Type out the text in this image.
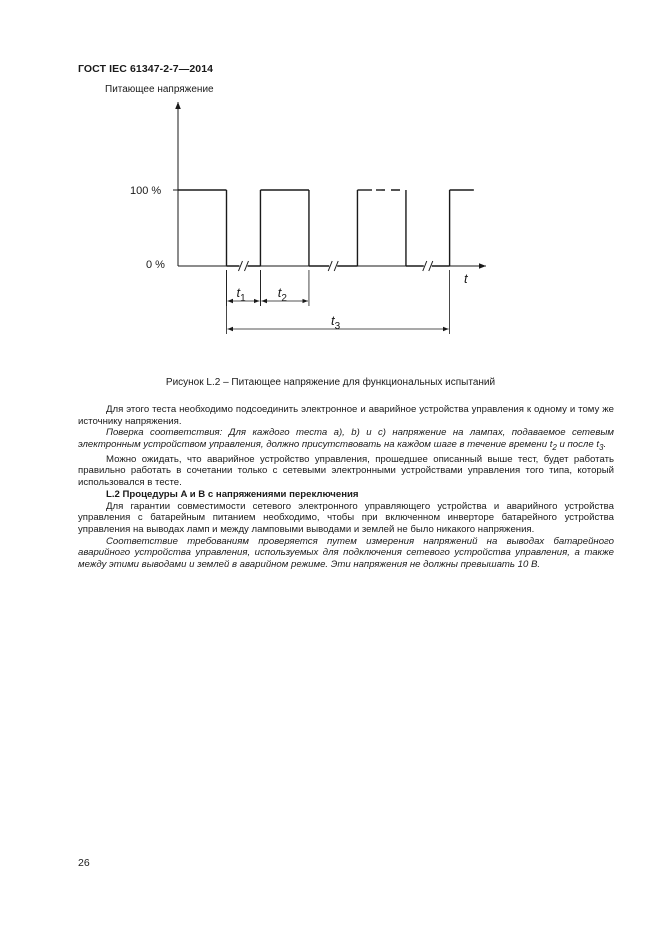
ГОСТ IEC 61347-2-7—2014
$t_1$ $t_2$
$t_3$
Питающее напряжение
t
100 %
0 %
Рисунок L.2 – Питающее напряжение для функциональных испытаний

Для этого теста необходимо подсоединить электронное и аварийное устройства управления к одному и тому же источнику напряжения.

Поверка соответствия: Для каждого теста a), b) и c) напряжение на лампах, подаваемое сетевым электронным устройством управления, должно присутствовать на каждом шаге в течение времени $t_2$ и после $t_3$.

Можно ожидать, что аварийное устройство управления, прошедшее описанный выше тест, будет работать правильно работать в сочетании только с сетевыми электронными устройствами управления того типа, который использовался в тесте.

L.2 Процедуры A и B с напряжениями переключения

Для гарантии совместимости сетевого электронного управляющего устройства и аварийного устройства управления с батарейным питанием необходимо, чтобы при включенном инверторе батарейного устройства управления на выводах ламп и между ламповыми выводами и землей не было никакого напряжения.

Соответствие требованиям проверяется путем измерения напряжений на выводах батарейного аварийного устройства управления, используемых для подключения сетевого устройства управления, а также между этими выводами и землей в аварийном режиме. Эти напряжения не должны превышать 10 В.

26
